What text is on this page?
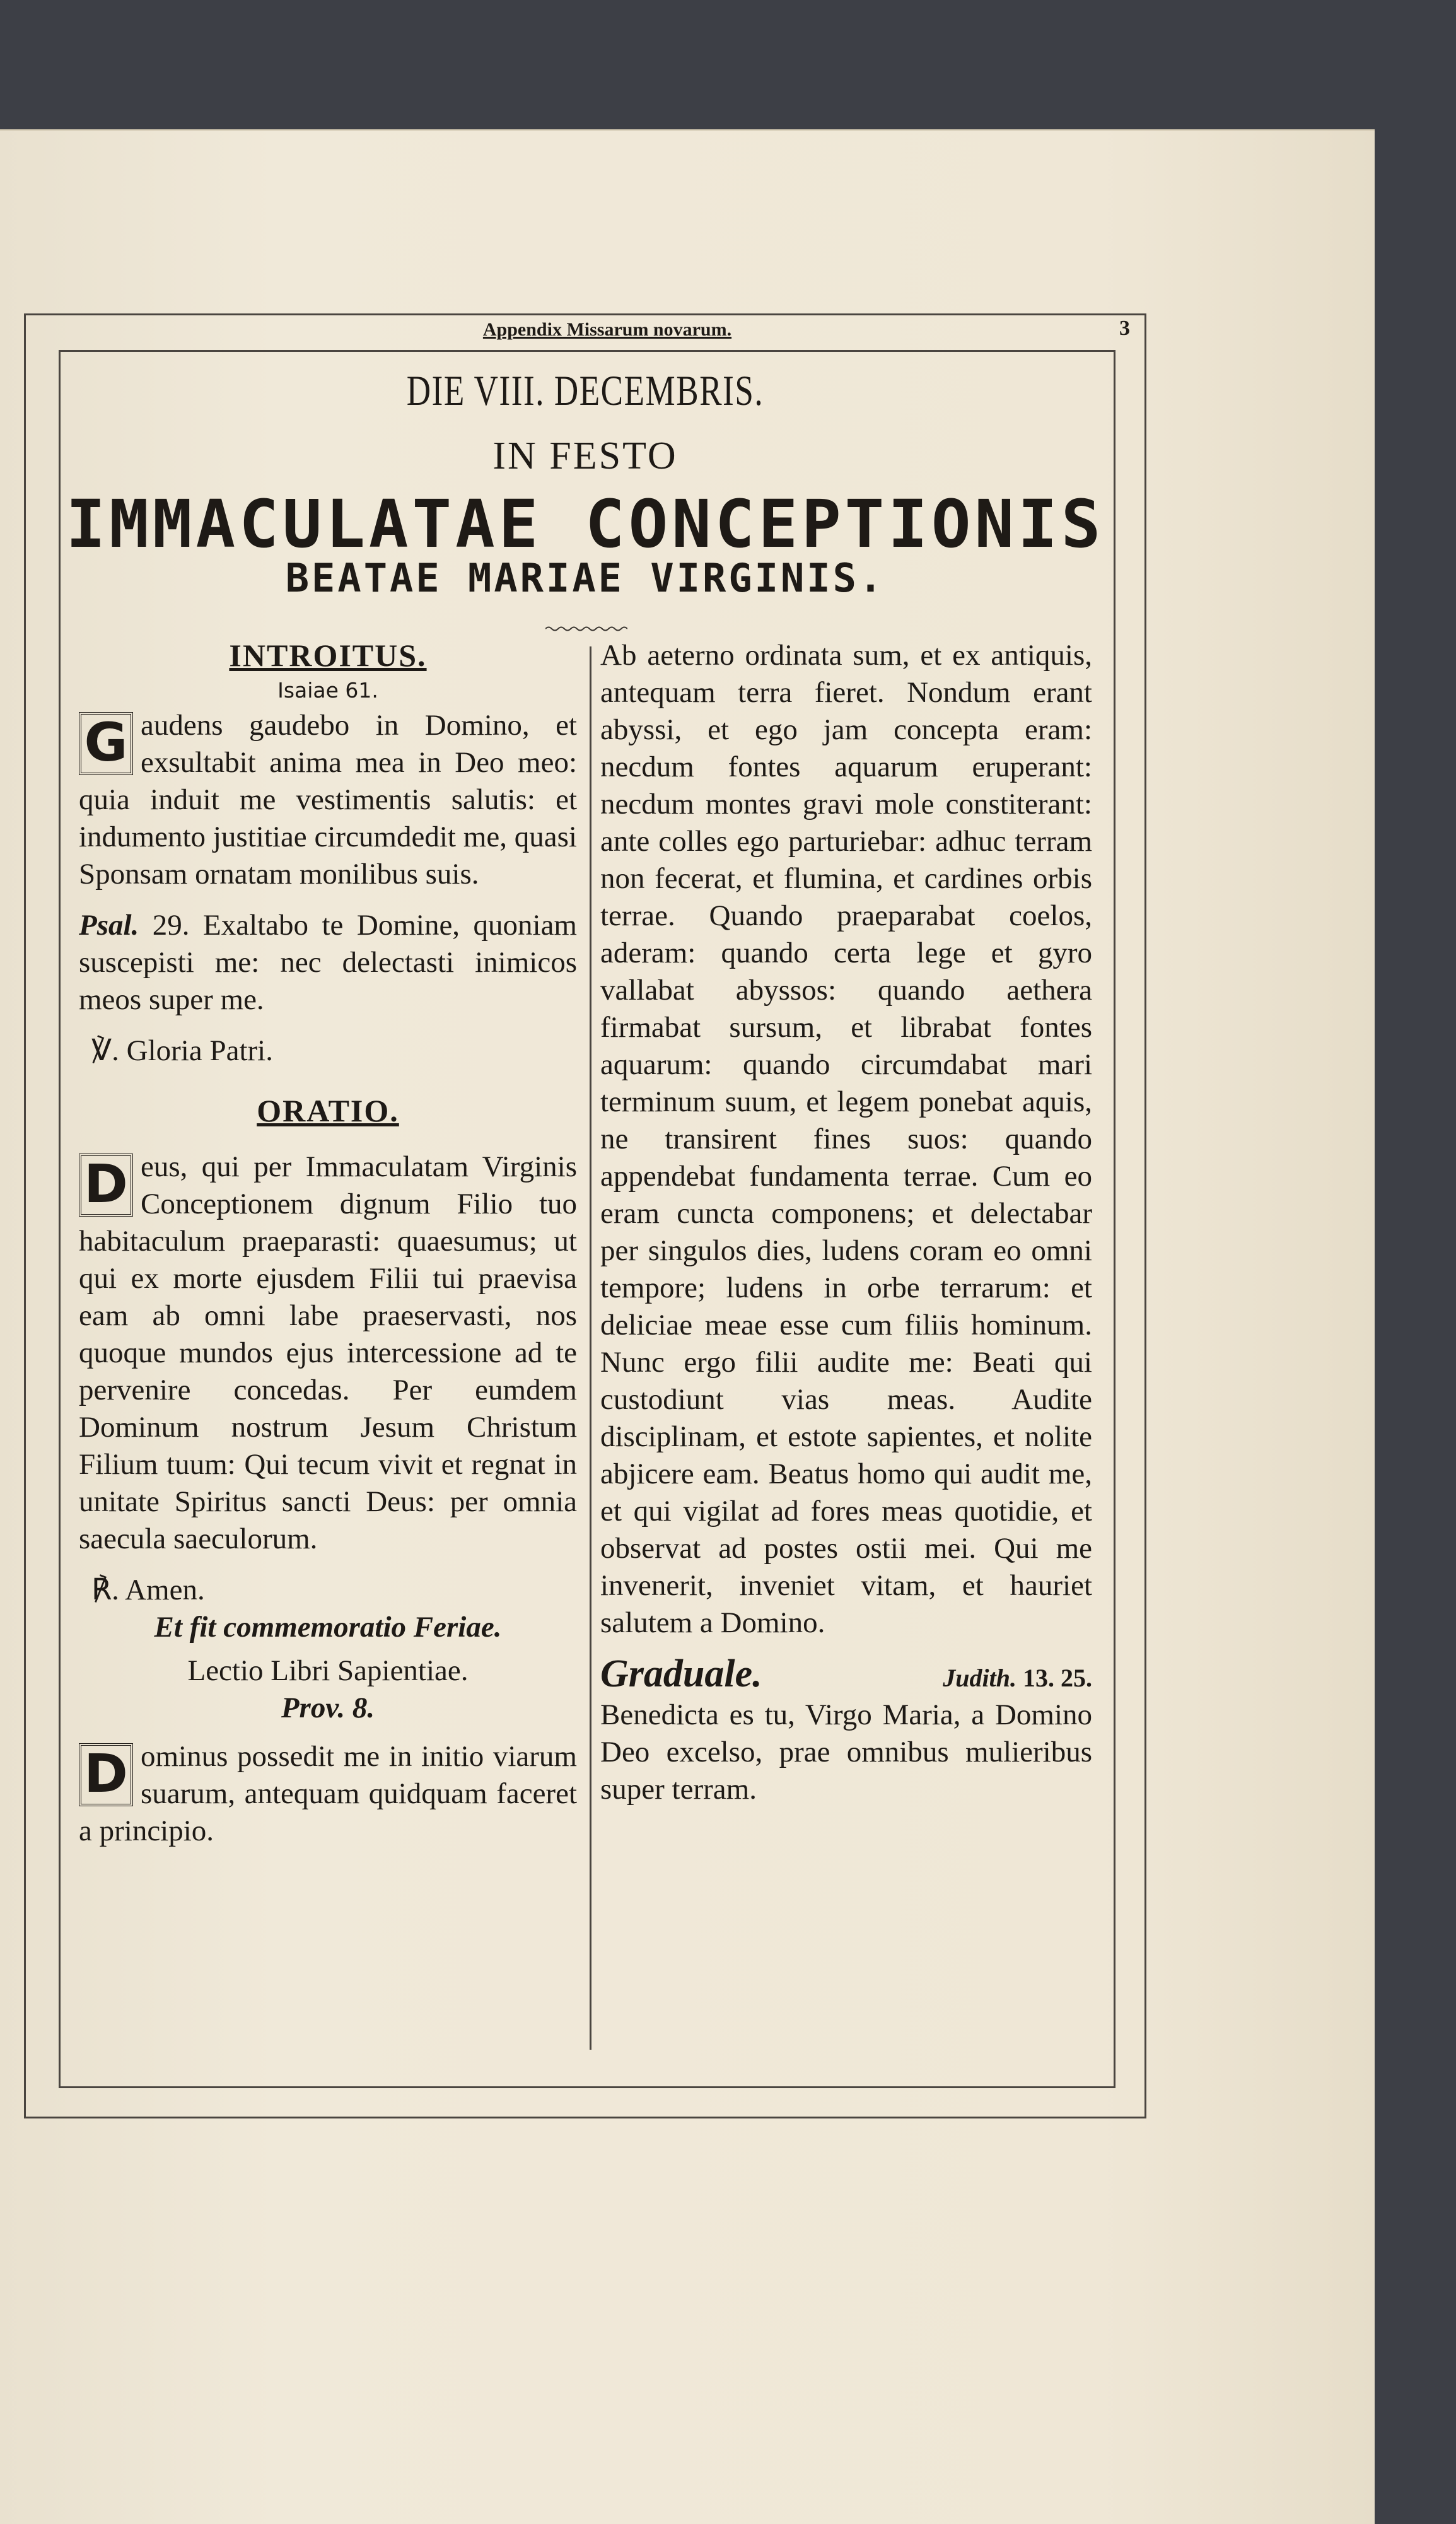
Appendix Missarum novarum.	3
DIE VIII. DECEMBRIS.
IN FESTO
IMMACULATAE CONCEPTIONIS
BEATAE MARIAE VIRGINIS.

INTROITUS.

Isaiae 61.

G audens gaudebo in Domino, et exsultabit anima mea in Deo meo: quia induit me vestimentis salutis: et indumento justitiae circumdedit me, quasi Sponsam ornatam monilibus suis.

Psal. 29. Exaltabo te Domine, quoniam suscepisti me: nec delectasti inimicos meos super me.

℣. Gloria Patri.

ORATIO.

D eus, qui per Immaculatam Virginis Conceptionem dignum Filio tuo habitaculum praeparasti: quaesumus; ut qui ex morte ejusdem Filii tui praevisa eam ab omni labe praeservasti, nos quoque mundos ejus intercessione ad te pervenire concedas. Per eumdem Dominum nostrum Jesum Christum Filium tuum: Qui tecum vivit et regnat in unitate Spiritus sancti Deus: per omnia saecula saeculorum.

℟. Amen.

Et fit commemoratio Feriae.

Lectio Libri Sapientiae.

Prov. 8.

D ominus possedit me in initio viarum suarum, antequam quidquam faceret a principio.

Ab aeterno ordinata sum, et ex antiquis, antequam terra fieret. Nondum erant abyssi, et ego jam concepta eram: necdum fontes aquarum eruperant: necdum montes gravi mole constiterant: ante colles ego parturiebar: adhuc terram non fecerat, et flumina, et cardines orbis terrae. Quando praeparabat coelos, aderam: quando certa lege et gyro vallabat abyssos: quando aethera firmabat sursum, et librabat fontes aquarum: quando circumdabat mari terminum suum, et legem ponebat aquis, ne transirent fines suos: quando appendebat fundamenta terrae. Cum eo eram cuncta componens; et delectabar per singulos dies, ludens coram eo omni tempore; ludens in orbe terrarum: et deliciae meae esse cum filiis hominum. Nunc ergo filii audite me: Beati qui custodiunt vias meas. Audite disciplinam, et estote sapientes, et nolite abjicere eam. Beatus homo qui audit me, et qui vigilat ad fores meas quotidie, et observat ad postes ostii mei. Qui me invenerit, inveniet vitam, et hauriet salutem a Domino.

Graduale.	Judith. 13. 25.

Benedicta es tu, Virgo Maria, a Domino Deo excelso, prae omnibus mulieribus super terram.
